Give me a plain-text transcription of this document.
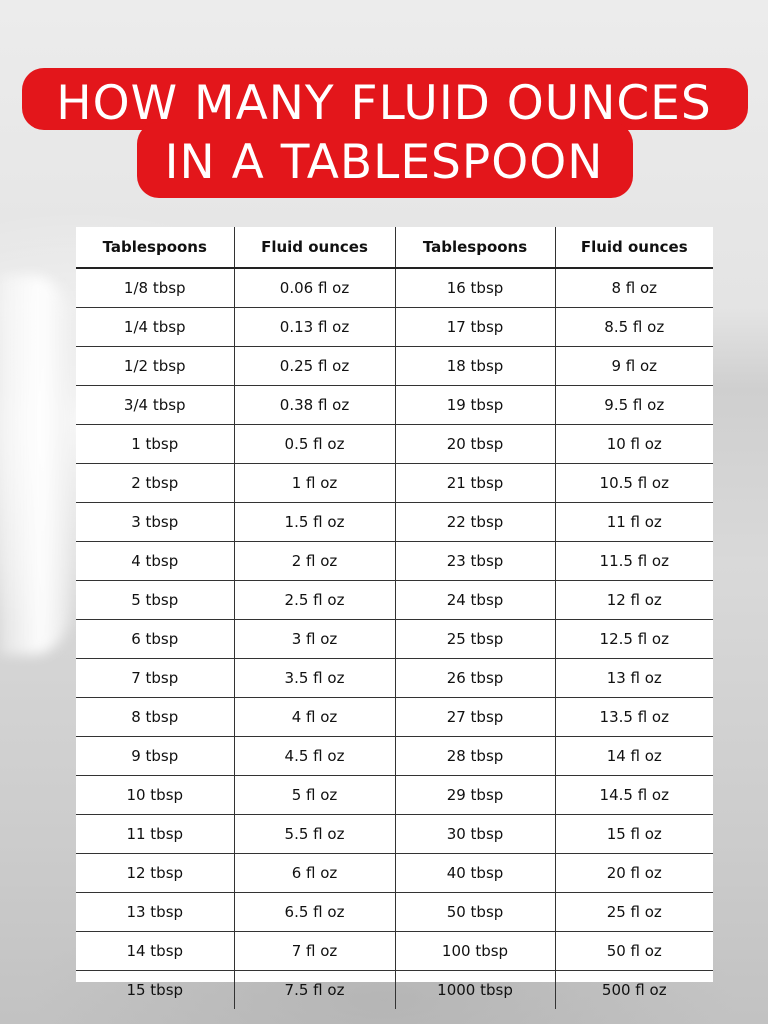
HOW MANY FLUID OUNCES
IN A TABLESPOON
Tablespoons	Fluid ounces	Tablespoons	Fluid ounces
1/8 tbsp	0.06 fl oz	16 tbsp	8 fl oz
1/4 tbsp	0.13 fl oz	17 tbsp	8.5 fl oz
1/2 tbsp	0.25 fl oz	18 tbsp	9 fl oz
3/4 tbsp	0.38 fl oz	19 tbsp	9.5 fl oz
1 tbsp	0.5 fl oz	20 tbsp	10 fl oz
2 tbsp	1 fl oz	21 tbsp	10.5 fl oz
3 tbsp	1.5 fl oz	22 tbsp	11 fl oz
4 tbsp	2 fl oz	23 tbsp	11.5 fl oz
5 tbsp	2.5 fl oz	24 tbsp	12 fl oz
6 tbsp	3 fl oz	25 tbsp	12.5 fl oz
7 tbsp	3.5 fl oz	26 tbsp	13 fl oz
8 tbsp	4 fl oz	27 tbsp	13.5 fl oz
9 tbsp	4.5 fl oz	28 tbsp	14 fl oz
10 tbsp	5 fl oz	29 tbsp	14.5 fl oz
11 tbsp	5.5 fl oz	30 tbsp	15 fl oz
12 tbsp	6 fl oz	40 tbsp	20 fl oz
13 tbsp	6.5 fl oz	50 tbsp	25 fl oz
14 tbsp	7 fl oz	100 tbsp	50 fl oz
15 tbsp	7.5 fl oz	1000 tbsp	500 fl oz
